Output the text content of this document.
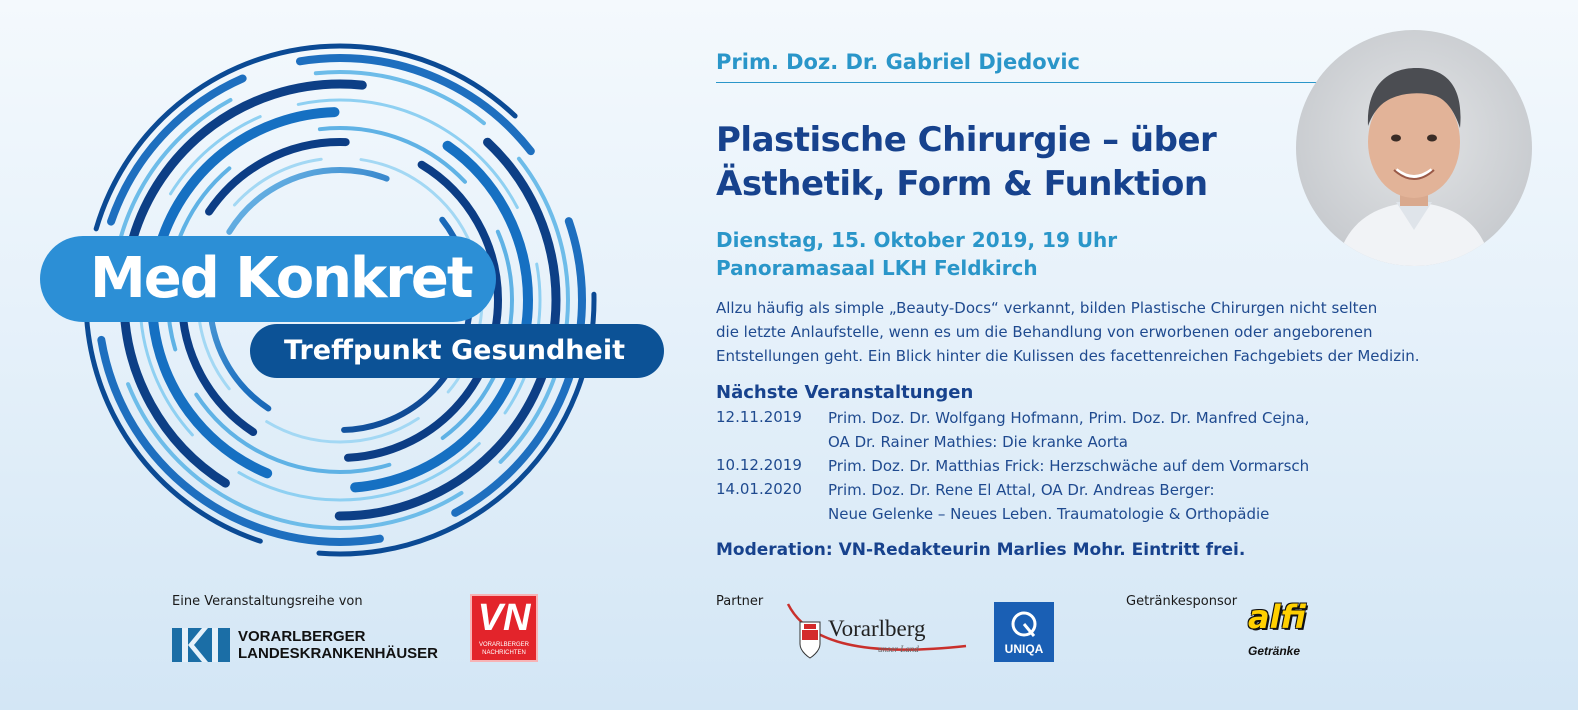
Med Konkret
Treffpunkt Gesundheit
Prim. Doz. Dr. Gabriel Djedovic
Plastische Chirurgie – über
Ästhetik, Form & Funktion
Dienstag, 15. Oktober 2019, 19 Uhr
Panoramasaal LKH Feldkirch
Allzu häufig als simple „Beauty-Docs“ verkannt, bilden Plastische Chirurgen nicht selten
die letzte Anlaufstelle, wenn es um die Behandlung von erworbenen oder angeborenen
Entstellungen geht. Ein Blick hinter die Kulissen des facettenreichen Fachgebiets der Medizin.
Nächste Veranstaltungen
12.11.2019 Prim. Doz. Dr. Wolfgang Hofmann, Prim. Doz. Dr. Manfred Cejna,
OA Dr. Rainer Mathies: Die kranke Aorta
10.12.2019 Prim. Doz. Dr. Matthias Frick: Herzschwäche auf dem Vormarsch
14.01.2020 Prim. Doz. Dr. Rene El Attal, OA Dr. Andreas Berger:
Neue Gelenke – Neues Leben. Traumatologie & Orthopädie
Moderation: VN-Redakteurin Marlies Mohr. Eintritt frei.
Eine Veranstaltungsreihe von
VORARLBERGER
LANDESKRANKENHÄUSER
VN
VORARLBERGER
NACHRICHTEN
Partner
Vorarlberg
unser Land	UNIQA
Getränkesponsor alfi
Getränke
